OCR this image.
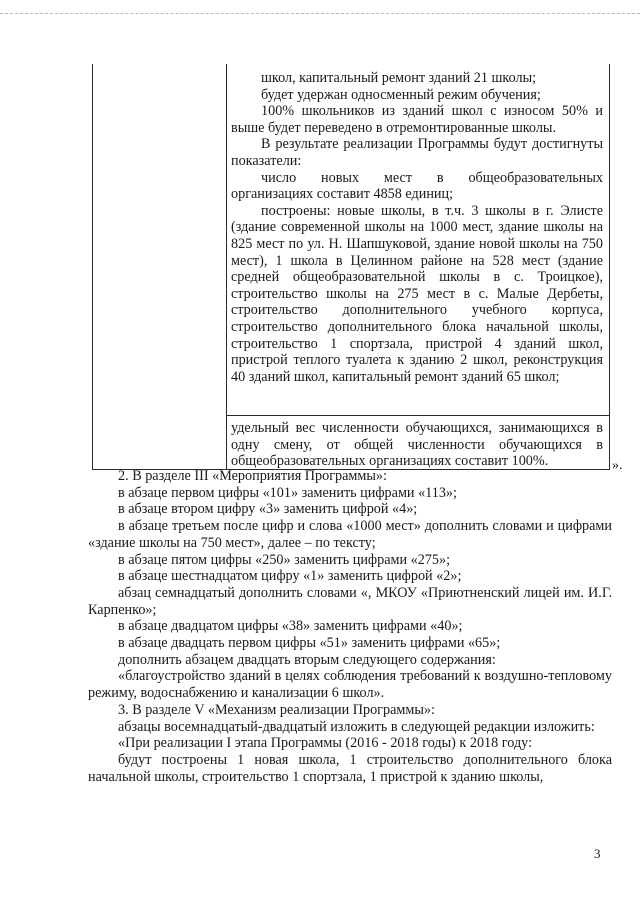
школ, капитальный ремонт зданий 21 школы;

будет удержан односменный режим обучения;

100% школьников из зданий школ с износом 50% и выше будет переведено в отремонтированные школы.

В результате реализации Программы будут достигнуты показатели:

число новых мест в общеобразовательных организациях составит 4858 единиц;

построены: новые школы, в т.ч. 3 школы в г. Элисте (здание современной школы на 1000 мест, здание школы на 825 мест по ул. Н. Шапшуковой, здание новой школы на 750 мест), 1 школа в Целинном районе на 528 мест (здание средней общеобразовательной школы в с. Троицкое), строительство школы на 275 мест в с. Малые Дербеты, строительство дополнительного учебного корпуса, строительство дополнительного блока начальной школы, строительство 1 спортзала, пристрой 4 зданий школ, пристрой теплого туалета к зданию 2 школ, реконструкция 40 зданий школ, капитальный ремонт зданий 65 школ;

удельный вес численности обучающихся, занимающихся в одну смену, от общей численности обучающихся в общеобразовательных организациях составит 100%.	».

2. В разделе III «Мероприятия Программы»:

в абзаце первом цифры «101» заменить цифрами «113»;

в абзаце втором цифру «3» заменить цифрой «4»;

в абзаце третьем после цифр и слова «1000 мест» дополнить словами и цифрами «здание школы на 750 мест», далее – по тексту;

в абзаце пятом цифры «250» заменить цифрами «275»;

в абзаце шестнадцатом цифру «1» заменить цифрой «2»;

абзац семнадцатый дополнить словами «, МКОУ «Приютненский лицей им. И.Г. Карпенко»;

в абзаце двадцатом цифры «38» заменить цифрами «40»;

в абзаце двадцать первом цифры «51» заменить цифрами «65»;

дополнить абзацем двадцать вторым следующего содержания:

«благоустройство зданий в целях соблюдения требований к воздушно-тепловому режиму, водоснабжению и канализации 6 школ».

3. В разделе V «Механизм реализации Программы»:

абзацы восемнадцатый-двадцатый изложить в следующей редакции изложить:

«При реализации I этапа Программы (2016 - 2018 годы) к 2018 году:

будут построены 1 новая школа, 1 строительство дополнительного блока начальной школы, строительство 1 спортзала, 1 пристрой к зданию школы,

3
